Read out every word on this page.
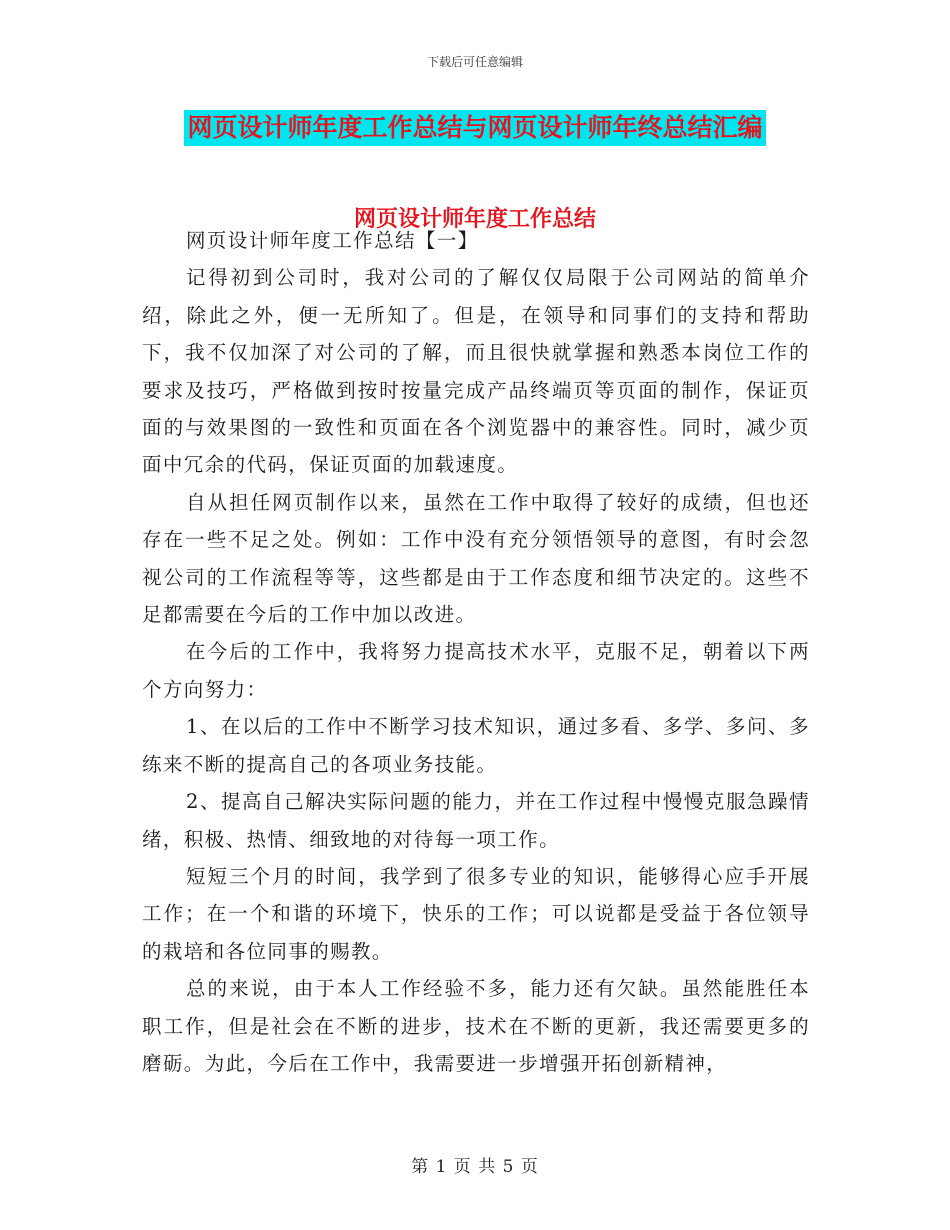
下载后可任意编辑
网页设计师年度工作总结与网页设计师年终总结汇编
网页设计师年度工作总结

网页设计师年度工作总结【一】

记得初到公司时，我对公司的了解仅仅局限于公司网站的简单介绍，除此之外，便一无所知了。但是，在领导和同事们的支持和帮助下，我不仅加深了对公司的了解，而且很快就掌握和熟悉本岗位工作的要求及技巧，严格做到按时按量完成产品终端页等页面的制作，保证页面的与效果图的一致性和页面在各个浏览器中的兼容性。同时，减少页面中冗余的代码，保证页面的加载速度。

自从担任网页制作以来，虽然在工作中取得了较好的成绩，但也还存在一些不足之处。例如：工作中没有充分领悟领导的意图，有时会忽视公司的工作流程等等，这些都是由于工作态度和细节决定的。这些不足都需要在今后的工作中加以改进。

在今后的工作中，我将努力提高技术水平，克服不足，朝着以下两个方向努力：

1、在以后的工作中不断学习技术知识，通过多看、多学、多问、多练来不断的提高自己的各项业务技能。

2、提高自己解决实际问题的能力，并在工作过程中慢慢克服急躁情绪，积极、热情、细致地的对待每一项工作。

短短三个月的时间，我学到了很多专业的知识，能够得心应手开展工作；在一个和谐的环境下，快乐的工作；可以说都是受益于各位领导的栽培和各位同事的赐教。

总的来说，由于本人工作经验不多，能力还有欠缺。虽然能胜任本职工作，但是社会在不断的进步，技术在不断的更新，我还需要更多的磨砺。为此，今后在工作中，我需要进一步增强开拓创新精神，

第 1 页 共 5 页
